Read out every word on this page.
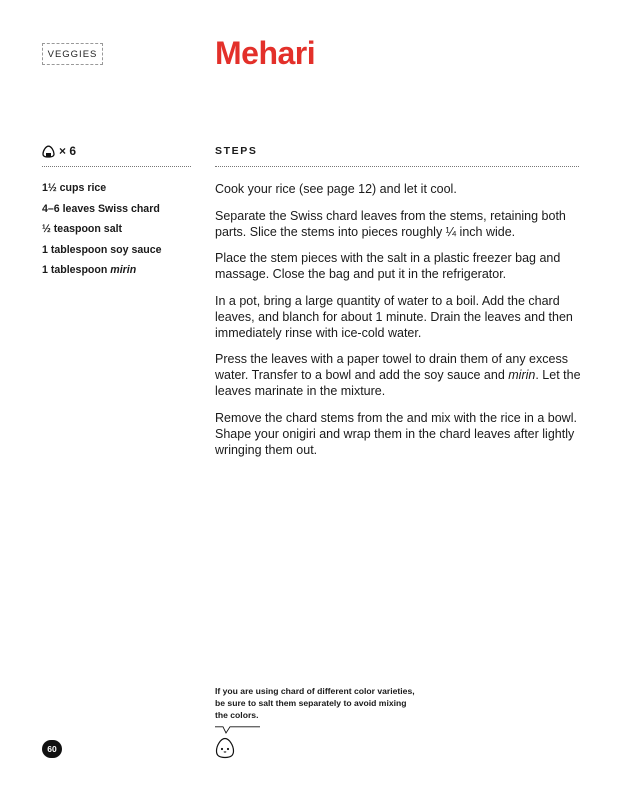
VEGGIES	Mehari
× 6	STEPS
1½ cups rice
4–6 leaves Swiss chard
½ teaspoon salt
1 tablespoon soy sauce
1 tablespoon mirin

Cook your rice (see page 12) and let it cool.

Separate the Swiss chard leaves from the stems, retaining both parts. Slice the stems into pieces roughly ¼ inch wide.

Place the stem pieces with the salt in a plastic freezer bag and massage. Close the bag and put it in the refrigerator.

In a pot, bring a large quantity of water to a boil. Add the chard leaves, and blanch for about 1 minute. Drain the leaves and then immediately rinse with ice-cold water.

Press the leaves with a paper towel to drain them of any excess water. Transfer to a bowl and add the soy sauce and mirin. Let the leaves marinate in the mixture.

Remove the chard stems from the and mix with the rice in a bowl. Shape your onigiri and wrap them in the chard leaves after lightly wringing them out.

If you are using chard of different color varieties, be sure to salt them separately to avoid mixing the colors.
60
